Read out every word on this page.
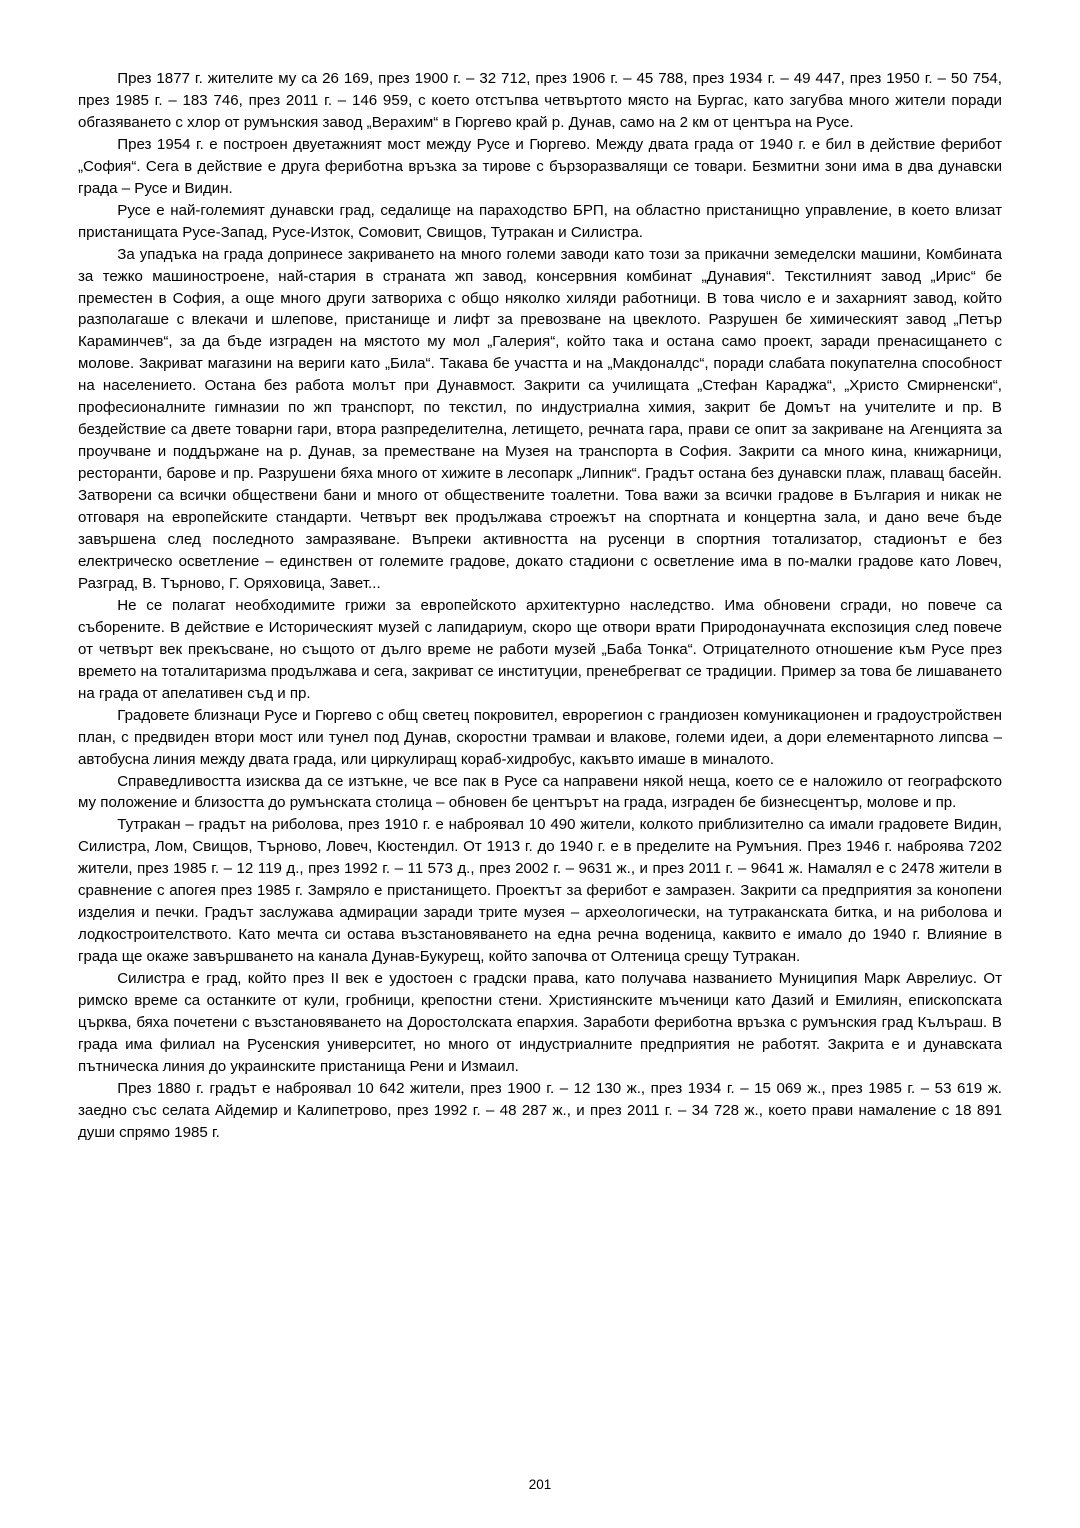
През 1877 г. жителите му са 26 169, през 1900 г. – 32 712, през 1906 г. – 45 788, през 1934 г. – 49 447, през 1950 г. – 50 754, през 1985 г. – 183 746, през 2011 г. – 146 959, с което отстъпва четвъртото място на Бургас, като загубва много жители поради обгазяването с хлор от румънския завод „Верахим“ в Гюргево край р. Дунав, само на 2 км от центъра на Русе.

През 1954 г. е построен двуетажният мост между Русе и Гюргево. Между двата града от 1940 г. е бил в действие ферибот „София“. Сега в действие е друга фериботна връзка за тирове с бързоразвалящи се товари. Безмитни зони има в два дунавски града – Русе и Видин.

Русе е най-големият дунавски град, седалище на параходство БРП, на областно пристанищно управление, в което влизат пристанищата Русе-Запад, Русе-Изток, Сомовит, Свищов, Тутракан и Силистра.

За упадъка на града допринесе закриването на много големи заводи като този за прикачни земеделски машини, Комбината за тежко машиностроене, най-стария в страната жп завод, консервния комбинат „Дунавия“. Текстилният завод „Ирис“ бе преместен в София, а още много други затвориха с общо няколко хиляди работници. В това число е и захарният завод, който разполагаше с влекачи и шлепове, пристанище и лифт за превозване на цвеклото. Разрушен бе химическият завод „Петър Караминчев“, за да бъде изграден на мястото му мол „Галерия“, който така и остана само проект, заради пренасищането с молове. Закриват магазини на вериги като „Била“. Такава бе участта и на „Макдоналдс“, поради слабата покупателна способност на населението. Остана без работа молът при Дунавмост. Закрити са училищата „Стефан Караджа“, „Христо Смирненски“, професионалните гимназии по жп транспорт, по текстил, по индустриална химия, закрит бе Домът на учителите и пр. В бездействие са двете товарни гари, втора разпределителна, летището, речната гара, прави се опит за закриване на Агенцията за проучване и поддържане на р. Дунав, за преместване на Музея на транспорта в София. Закрити са много кина, книжарници, ресторанти, барове и пр. Разрушени бяха много от хижите в лесопарк „Липник“. Градът остана без дунавски плаж, плаващ басейн. Затворени са всички обществени бани и много от обществените тоалетни. Това важи за всички градове в България и никак не отговаря на европейските стандарти. Четвърт век продължава строежът на спортната и концертна зала, и дано вече бъде завършена след последното замразяване. Въпреки активността на русенци в спортния тотализатор, стадионът е без електрическо осветление – единствен от големите градове, докато стадиони с осветление има в по-малки градове като Ловеч, Разград, В. Търново, Г. Оряховица, Завет...

Не се полагат необходимите грижи за европейското архитектурно наследство. Има обновени сгради, но повече са съборените. В действие е Историческият музей с лапидариум, скоро ще отвори врати Природонаучната експозиция след повече от четвърт век прекъсване, но същото от дълго време не работи музей „Баба Тонка“. Отрицателното отношение към Русе през времето на тоталитаризма продължава и сега, закриват се институции, пренебрегват се традиции. Пример за това бе лишаването на града от апелативен съд и пр.

Градовете близнаци Русе и Гюргево с общ светец покровител, еврорегион с грандиозен комуникационен и градоустройствен план, с предвиден втори мост или тунел под Дунав, скоростни трамваи и влакове, големи идеи, а дори елементарното липсва – автобусна линия между двата града, или циркулиращ кораб-хидробус, какъвто имаше в миналото.

Справедливостта изисква да се изтъкне, че все пак в Русе са направени някой неща, което се е наложило от географското му положение и близостта до румънската столица – обновен бе центърът на града, изграден бе бизнесцентър, молове и пр.

Тутракан – градът на риболова, през 1910 г. е наброявал 10 490 жители, колкото приблизително са имали градовете Видин, Силистра, Лом, Свищов, Търново, Ловеч, Кюстендил. От 1913 г. до 1940 г. е в пределите на Румъния. През 1946 г. наброява 7202 жители, през 1985 г. – 12 119 д., през 1992 г. – 11 573 д., през 2002 г. – 9631 ж., и през 2011 г. – 9641 ж. Намалял е с 2478 жители в сравнение с апогея през 1985 г. Замряло е пристанището. Проектът за ферибот е замразен. Закрити са предприятия за конопени изделия и печки. Градът заслужава адмирации заради трите музея – археологически, на тутраканската битка, и на риболова и лодкостроителството. Като мечта си остава възстановяването на една речна воденица, каквито е имало до 1940 г. Влияние в града ще окаже завършването на канала Дунав-Букурещ, който започва от Олтеница срещу Тутракан.

Силистра е град, който през II век е удостоен с градски права, като получава названието Муниципия Марк Аврелиус. От римско време са останките от кули, гробници, крепостни стени. Християнските мъченици като Дазий и Емилиян, епископската църква, бяха почетени с възстановяването на Доростолската епархия. Заработи фериботна връзка с румънския град Кълъраш. В града има филиал на Русенския университет, но много от индустриалните предприятия не работят. Закрита е и дунавската пътническа линия до украинските пристанища Рени и Измаил.

През 1880 г. градът е наброявал 10 642 жители, през 1900 г. – 12 130 ж., през 1934 г. – 15 069 ж., през 1985 г. – 53 619 ж. заедно със селата Айдемир и Калипетрово, през 1992 г. – 48 287 ж., и през 2011 г. – 34 728 ж., което прави намаление с 18 891 души спрямо 1985 г.

201
